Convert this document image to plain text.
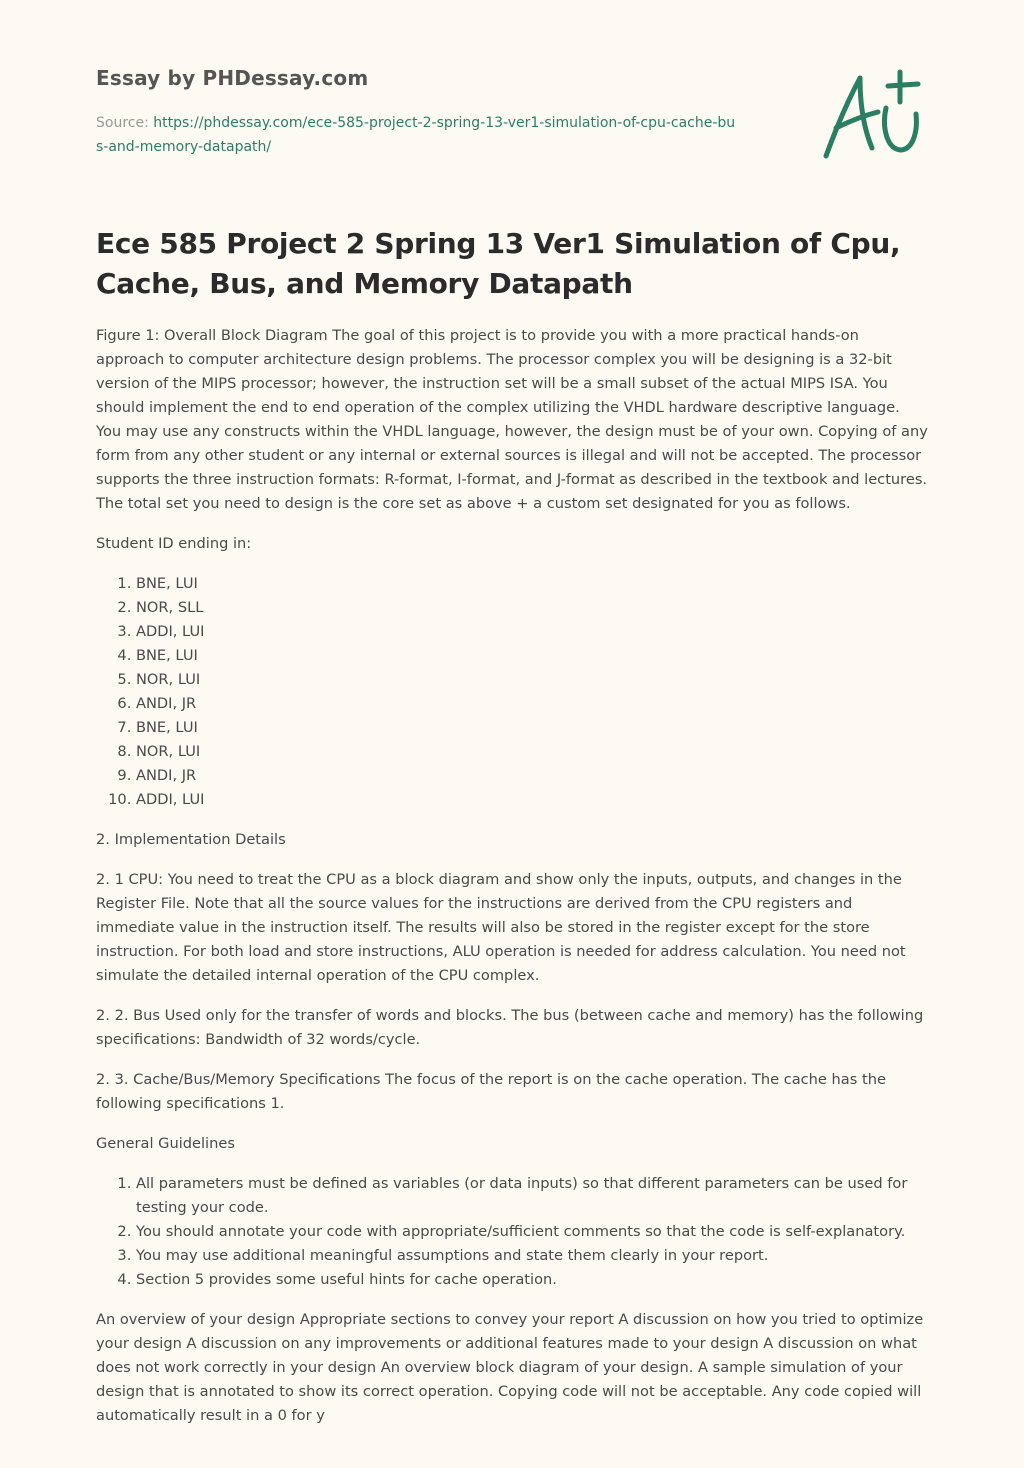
Essay by PHDessay.com
Source: https://phdessay.com/ece-585-project-2-spring-13-ver1-simulation-of-cpu-cache-bus-and-memory-datapath/
Ece 585 Project 2 Spring 13 Ver1 Simulation of Cpu, Cache, Bus, and Memory Datapath

Figure 1: Overall Block Diagram The goal of this project is to provide you with a more practical hands-on approach to computer architecture design problems. The processor complex you will be designing is a 32-bit version of the MIPS processor; however, the instruction set will be a small subset of the actual MIPS ISA. You should implement the end to end operation of the complex utilizing the VHDL hardware descriptive language. You may use any constructs within the VHDL language, however, the design must be of your own. Copying of any form from any other student or any internal or external sources is illegal and will not be accepted. The processor supports the three instruction formats: R-format, I-format, and J-format as described in the textbook and lectures. The total set you need to design is the core set as above + a custom set designated for you as follows.

Student ID ending in:

1. BNE, LUI
2. NOR, SLL
3. ADDI, LUI
4. BNE, LUI
5. NOR, LUI
6. ANDI, JR
7. BNE, LUI
8. NOR, LUI
9. ANDI, JR
10. ADDI, LUI

2. Implementation Details

2. 1 CPU: You need to treat the CPU as a block diagram and show only the inputs, outputs, and changes in the Register File. Note that all the source values for the instructions are derived from the CPU registers and immediate value in the instruction itself. The results will also be stored in the register except for the store instruction. For both load and store instructions, ALU operation is needed for address calculation. You need not simulate the detailed internal operation of the CPU complex.

2. 2. Bus Used only for the transfer of words and blocks. The bus (between cache and memory) has the following specifications: Bandwidth of 32 words/cycle.

2. 3. Cache/Bus/Memory Specifications The focus of the report is on the cache operation. The cache has the following specifications 1.

General Guidelines

1. All parameters must be defined as variables (or data inputs) so that different parameters can be used for testing your code.
2. You should annotate your code with appropriate/sufficient comments so that the code is self-explanatory.
3. You may use additional meaningful assumptions and state them clearly in your report.
4. Section 5 provides some useful hints for cache operation.

An overview of your design Appropriate sections to convey your report A discussion on how you tried to optimize your design A discussion on any improvements or additional features made to your design A discussion on what does not work correctly in your design An overview block diagram of your design. A sample simulation of your design that is annotated to show its correct operation. Copying code will not be acceptable. Any code copied will automatically result in a 0 for y
